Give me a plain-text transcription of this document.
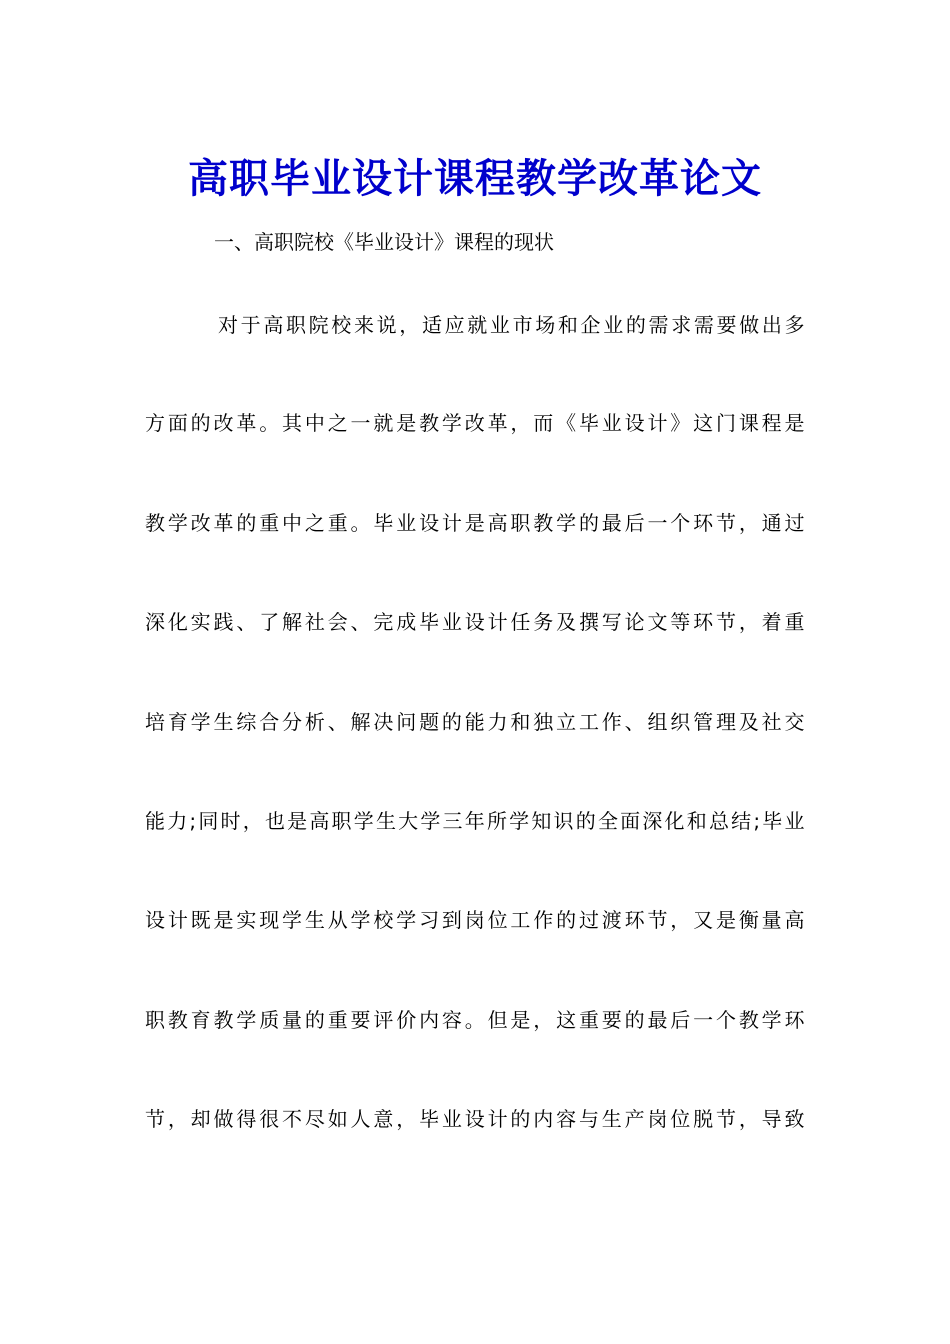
高职毕业设计课程教学改革论文
一、高职院校《毕业设计》课程的现状
对于高职院校来说，适应就业市场和企业的需求需要做出多
方面的改革。其中之一就是教学改革，而《毕业设计》这门课程是
教学改革的重中之重。毕业设计是高职教学的最后一个环节，通过
深化实践、了解社会、完成毕业设计任务及撰写论文等环节，着重
培育学生综合分析、解决问题的能力和独立工作、组织管理及社交
能力;同时，也是高职学生大学三年所学知识的全面深化和总结;毕业
设计既是实现学生从学校学习到岗位工作的过渡环节，又是衡量高
职教育教学质量的重要评价内容。但是，这重要的最后一个教学环
节，却做得很不尽如人意，毕业设计的内容与生产岗位脱节，导致
